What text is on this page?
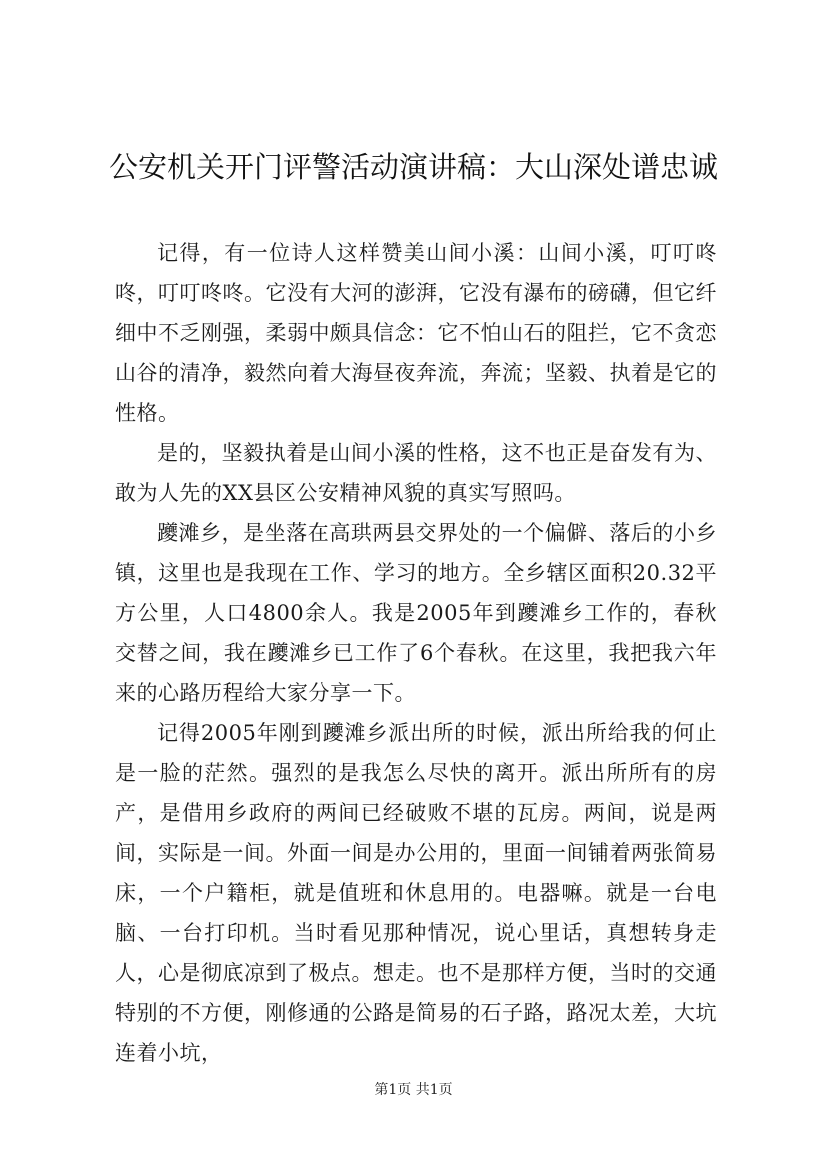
公安机关开门评警活动演讲稿：大山深处谱忠诚

记得，有一位诗人这样赞美山间小溪：山间小溪，叮叮咚咚，叮叮咚咚。它没有大河的澎湃，它没有瀑布的磅礴，但它纤细中不乏刚强，柔弱中颇具信念：它不怕山石的阻拦，它不贪恋山谷的清净，毅然向着大海昼夜奔流，奔流；坚毅、执着是它的性格。

是的，坚毅执着是山间小溪的性格，这不也正是奋发有为、敢为人先的XX县区公安精神风貌的真实写照吗。

躨滩乡，是坐落在高珙两县交界处的一个偏僻、落后的小乡镇，这里也是我现在工作、学习的地方。全乡辖区面积20.32平方公里，人口4800余人。我是2005年到躨滩乡工作的，春秋交替之间，我在躨滩乡已工作了6个春秋。在这里，我把我六年来的心路历程给大家分享一下。

记得2005年刚到躨滩乡派出所的时候，派出所给我的何止是一脸的茫然。强烈的是我怎么尽快的离开。派出所所有的房产，是借用乡政府的两间已经破败不堪的瓦房。两间，说是两间，实际是一间。外面一间是办公用的，里面一间铺着两张简易床，一个户籍柜，就是值班和休息用的。电器嘛。就是一台电脑、一台打印机。当时看见那种情况，说心里话，真想转身走人，心是彻底凉到了极点。想走。也不是那样方便，当时的交通特别的不方便，刚修通的公路是简易的石子路，路况太差，大坑连着小坑，

第1页 共1页
